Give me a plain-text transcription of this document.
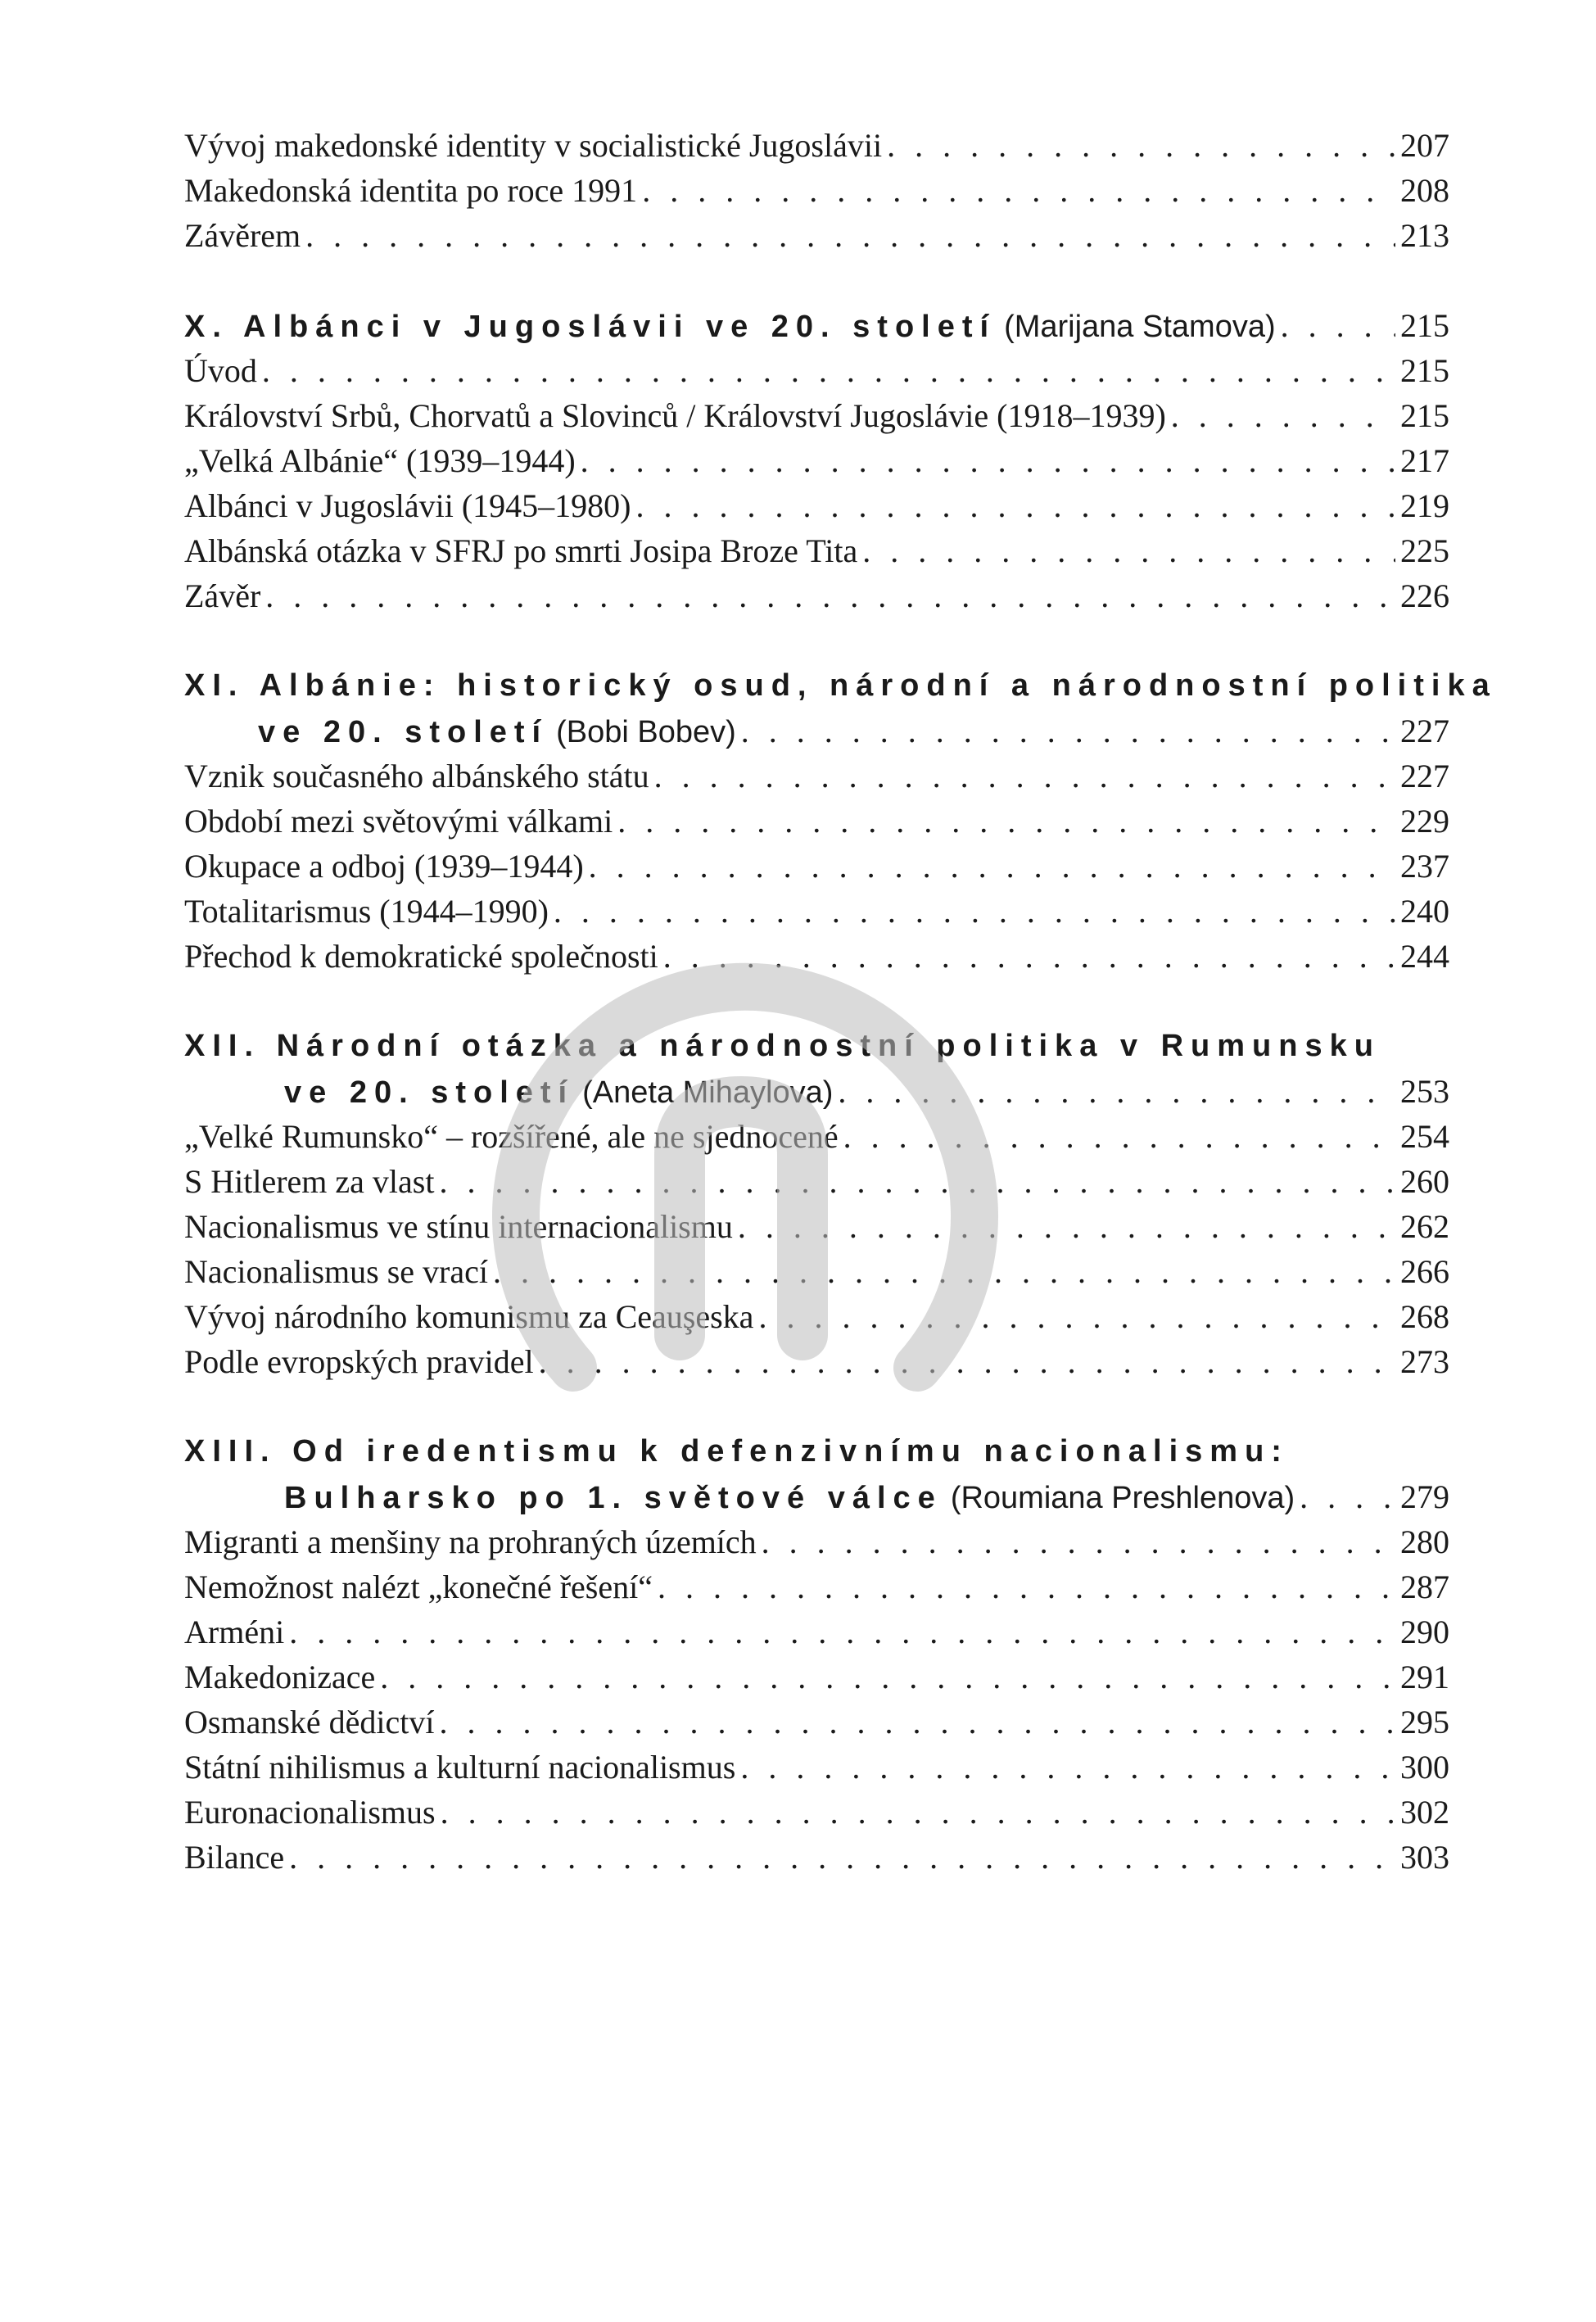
Vývoj makedonské identity v socialistické Jugoslávii . . .	207
Makedonská identita po roce 1991 . . .	208
Závěrem . . .	213
X. Albánci v Jugoslávii ve 20. století (Marijana Stamova) . . .	215
Úvod . . .	215
Království Srbů, Chorvatů a Slovinců / Království Jugoslávie (1918–1939) . . .	215
„Velká Albánie“ (1939–1944) . . .	217
Albánci v Jugoslávii (1945–1980) . . .	219
Albánská otázka v SFRJ po smrti Josipa Broze Tita . . .	225
Závěr . . .	226
XI. Albánie: historický osud, národní a národnostní politika
ve 20. století (Bobi Bobev) . . .	227
Vznik současného albánského státu . . .	227
Období mezi světovými válkami . . .	229
Okupace a odboj (1939–1944) . . .	237
Totalitarismus (1944–1990) . . .	240
Přechod k demokratické společnosti . . .	244
XII. Národní otázka a národnostní politika v Rumunsku
ve 20. století (Aneta Mihaylova) . . .	253
„Velké Rumunsko“ – rozšířené, ale ne sjednocené . . .	254
S Hitlerem za vlast . . .	260
Nacionalismus ve stínu internacionalismu . . .	262
Nacionalismus se vrací . . .	266
Vývoj národního komunismu za Ceauşeska . . .	268
Podle evropských pravidel . . .	273
XIII. Od iredentismu k defenzivnímu nacionalismu:
Bulharsko po 1. světové válce (Roumiana Preshlenova) . . .	279
Migranti a menšiny na prohraných územích . . .	280
Nemožnost nalézt „konečné řešení“ . . .	287
Arméni . . .	290
Makedonizace . . .	291
Osmanské dědictví . . .	295
Státní nihilismus a kulturní nacionalismus . . .	300
Euronacionalismus . . .	302
Bilance . . .	303
